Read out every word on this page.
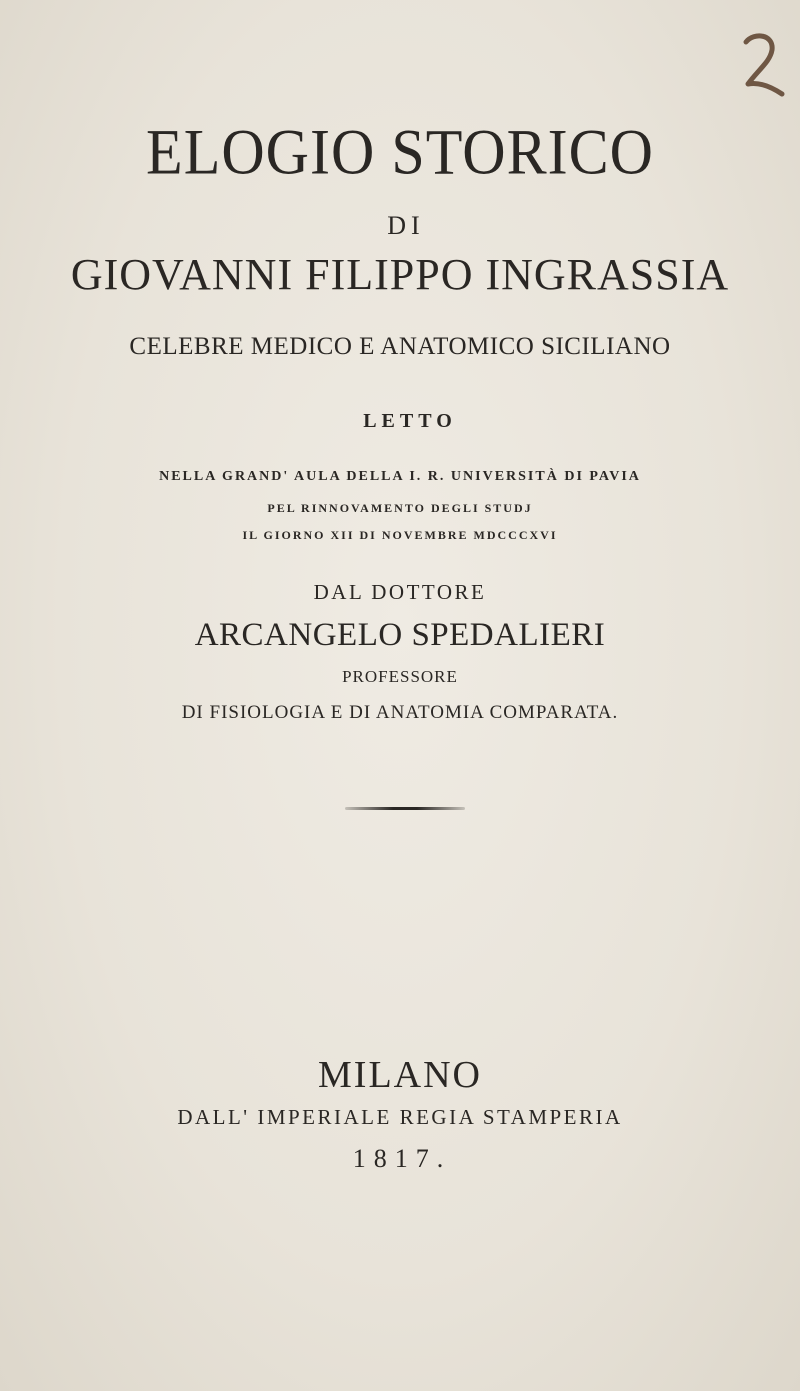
2
ELOGIO STORICO
DI
GIOVANNI FILIPPO INGRASSIA
CELEBRE MEDICO E ANATOMICO SICILIANO
LETTO
NELLA GRAND' AULA DELLA I. R. UNIVERSITÀ DI PAVIA
PEL RINNOVAMENTO DEGLI STUDJ
IL GIORNO XII DI NOVEMBRE MDCCCXVI
DAL DOTTORE
ARCANGELO SPEDALIERI
PROFESSORE
DI FISIOLOGIA E DI ANATOMIA COMPARATA.
MILANO
DALL' IMPERIALE REGIA STAMPERIA
1817.
